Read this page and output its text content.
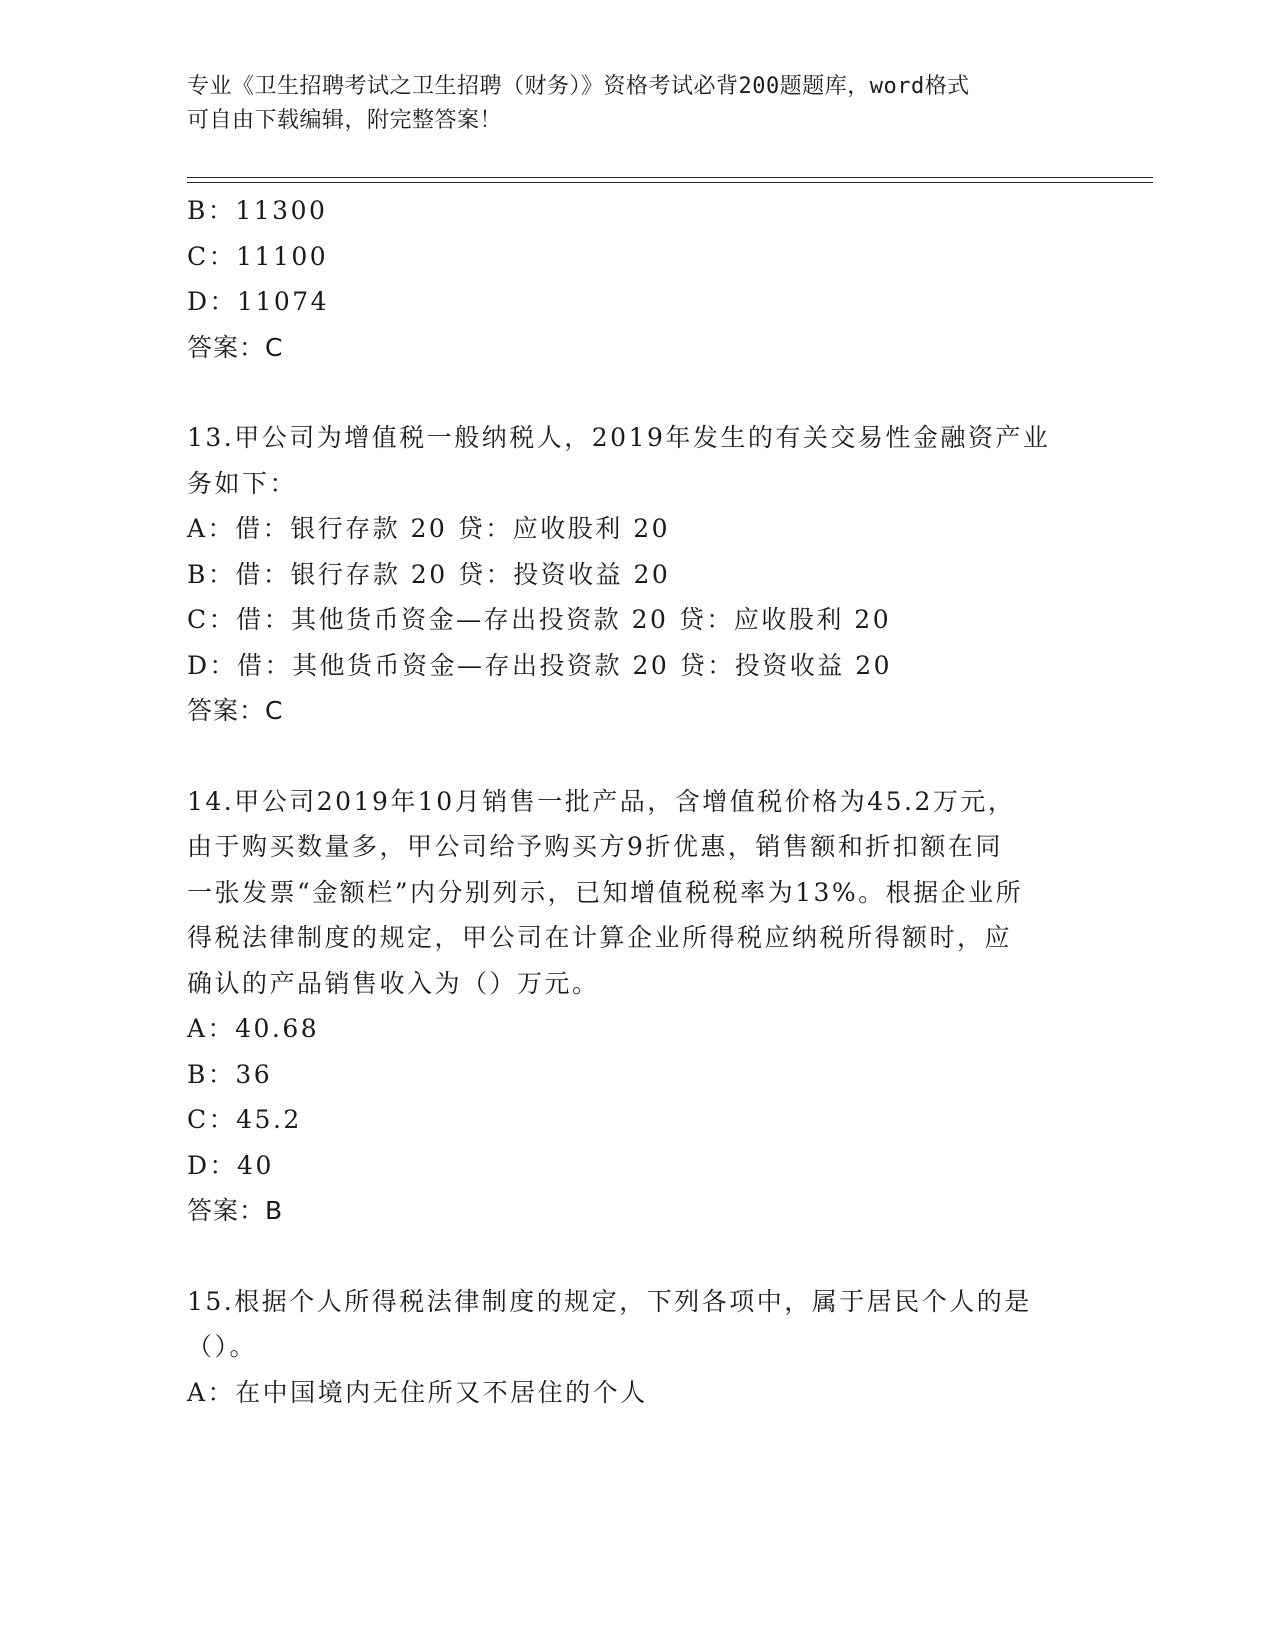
专业《卫生招聘考试之卫生招聘（财务）》资格考试必背200题题库，word格式
可自由下载编辑，附完整答案！
B：11300
C：11100
D：11074
答案：C
13.甲公司为增值税一般纳税人，2019年发生的有关交易性金融资产业
务如下：
A：借：银行存款 20 贷：应收股利 20
B：借：银行存款 20 贷：投资收益 20
C：借：其他货币资金—存出投资款 20 贷：应收股利 20
D：借：其他货币资金—存出投资款 20 贷：投资收益 20
答案：C
14.甲公司2019年10月销售一批产品，含增值税价格为45.2万元，
由于购买数量多，甲公司给予购买方9折优惠，销售额和折扣额在同
一张发票“金额栏”内分别列示，已知增值税税率为13%。根据企业所
得税法律制度的规定，甲公司在计算企业所得税应纳税所得额时，应
确认的产品销售收入为（）万元。
A：40.68
B：36
C：45.2
D：40
答案：B
15.根据个人所得税法律制度的规定，下列各项中，属于居民个人的是
（）。
A：在中国境内无住所又不居住的个人
